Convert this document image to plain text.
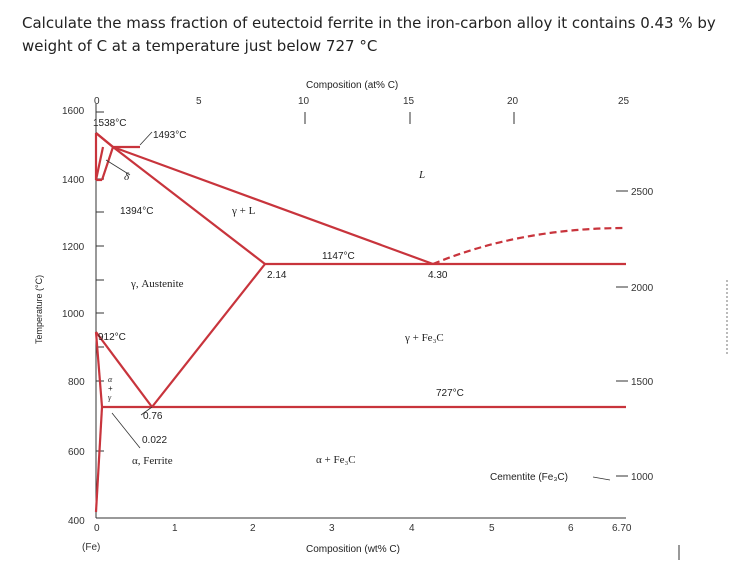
Calculate the mass fraction of eutectoid ferrite in the iron-carbon alloy it contains 0.43 % by
weight of C at a temperature just below 727 °C
0	5	10	15	20	25
Composition (at% C)
1600
1400
1200
1000
800
600
400
Temperature (°C)
2500
2000
1500
1000
0	1	2	3	4	5	6	6.70
(Fe)	Composition (wt% C)
1538°C
1493°C
δ
1394°C	γ + L
L
1147°C
2.14	4.30
γ, Austenite
912°C	γ + Fe₃C
727°C
α
+
γ
0.76
0.022
α, Ferrite	α + Fe₃C
Cementite (Fe₃C)
